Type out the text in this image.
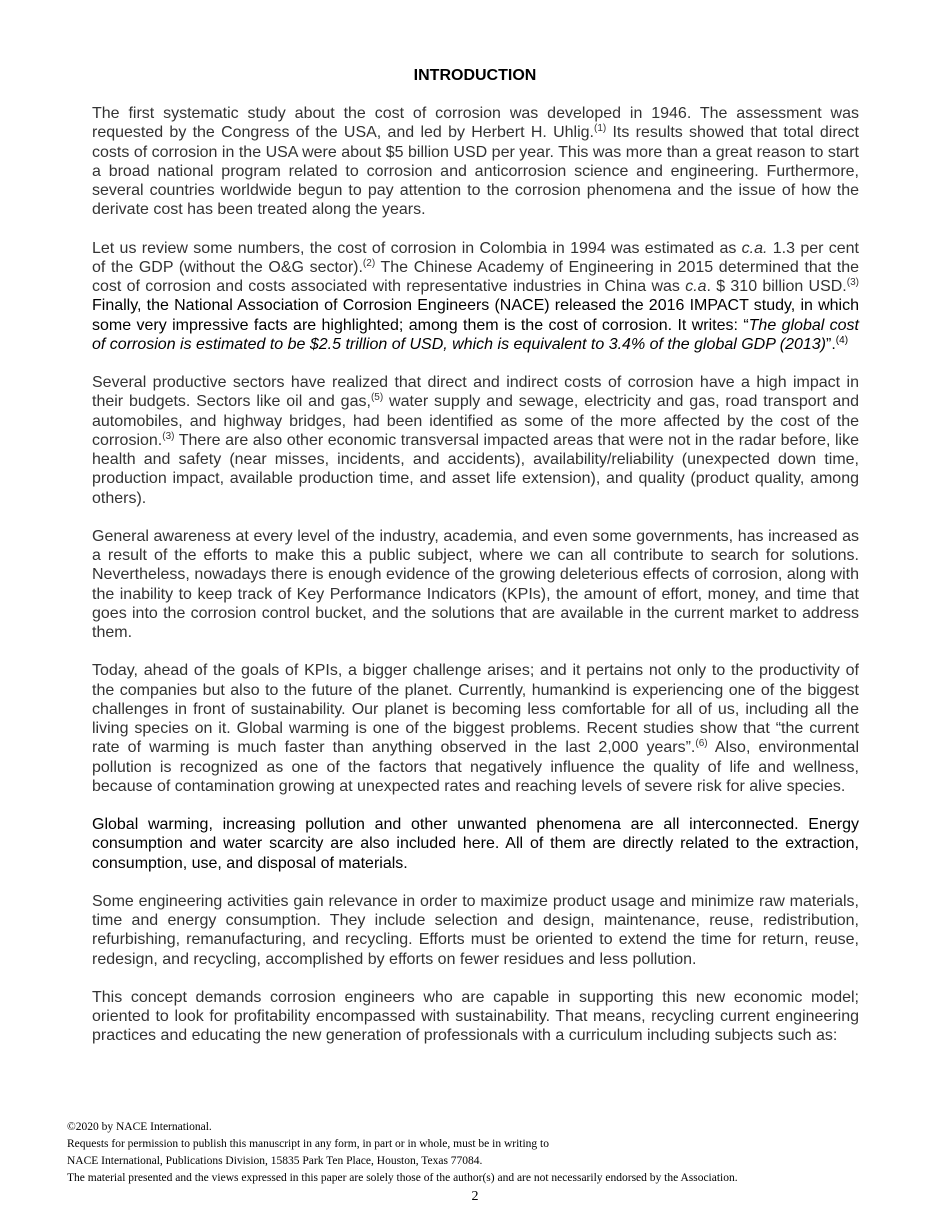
INTRODUCTION

The first systematic study about the cost of corrosion was developed in 1946. The assessment was requested by the Congress of the USA, and led by Herbert H. Uhlig.$^{(1)}$ Its results showed that total direct costs of corrosion in the USA were about $5 billion USD per year. This was more than a great reason to start a broad national program related to corrosion and anticorrosion science and engineering. Furthermore, several countries worldwide begun to pay attention to the corrosion phenomena and the issue of how the derivate cost has been treated along the years.

Let us review some numbers, the cost of corrosion in Colombia in 1994 was estimated as c.a. 1.3 per cent of the GDP (without the O&G sector).$^{(2)}$ The Chinese Academy of Engineering in 2015 determined that the cost of corrosion and costs associated with representative industries in China was c.a. $ 310 billion USD.$^{(3)}$ Finally, the National Association of Corrosion Engineers (NACE) released the 2016 IMPACT study, in which some very impressive facts are highlighted; among them is the cost of corrosion. It writes: “The global cost of corrosion is estimated to be $2.5 trillion of USD, which is equivalent to 3.4% of the global GDP (2013)”.$^{(4)}$

Several productive sectors have realized that direct and indirect costs of corrosion have a high impact in their budgets. Sectors like oil and gas,$^{(5)}$ water supply and sewage, electricity and gas, road transport and automobiles, and highway bridges, had been identified as some of the more affected by the cost of the corrosion.$^{(3)}$ There are also other economic transversal impacted areas that were not in the radar before, like health and safety (near misses, incidents, and accidents), availability/reliability (unexpected down time, production impact, available production time, and asset life extension), and quality (product quality, among others).

General awareness at every level of the industry, academia, and even some governments, has increased as a result of the efforts to make this a public subject, where we can all contribute to search for solutions. Nevertheless, nowadays there is enough evidence of the growing deleterious effects of corrosion, along with the inability to keep track of Key Performance Indicators (KPIs), the amount of effort, money, and time that goes into the corrosion control bucket, and the solutions that are available in the current market to address them.

Today, ahead of the goals of KPIs, a bigger challenge arises; and it pertains not only to the productivity of the companies but also to the future of the planet. Currently, humankind is experiencing one of the biggest challenges in front of sustainability. Our planet is becoming less comfortable for all of us, including all the living species on it. Global warming is one of the biggest problems. Recent studies show that “the current rate of warming is much faster than anything observed in the last 2,000 years”.$^{(6)}$ Also, environmental pollution is recognized as one of the factors that negatively influence the quality of life and wellness, because of contamination growing at unexpected rates and reaching levels of severe risk for alive species.

Global warming, increasing pollution and other unwanted phenomena are all interconnected. Energy consumption and water scarcity are also included here. All of them are directly related to the extraction, consumption, use, and disposal of materials.

Some engineering activities gain relevance in order to maximize product usage and minimize raw materials, time and energy consumption. They include selection and design, maintenance, reuse, redistribution, refurbishing, remanufacturing, and recycling. Efforts must be oriented to extend the time for return, reuse, redesign, and recycling, accomplished by efforts on fewer residues and less pollution.

This concept demands corrosion engineers who are capable in supporting this new economic model; oriented to look for profitability encompassed with sustainability. That means, recycling current engineering practices and educating the new generation of professionals with a curriculum including subjects such as:

©2020 by NACE International.
Requests for permission to publish this manuscript in any form, in part or in whole, must be in writing to
NACE International, Publications Division, 15835 Park Ten Place, Houston, Texas 77084.
The material presented and the views expressed in this paper are solely those of the author(s) and are not necessarily endorsed by the Association.
2
